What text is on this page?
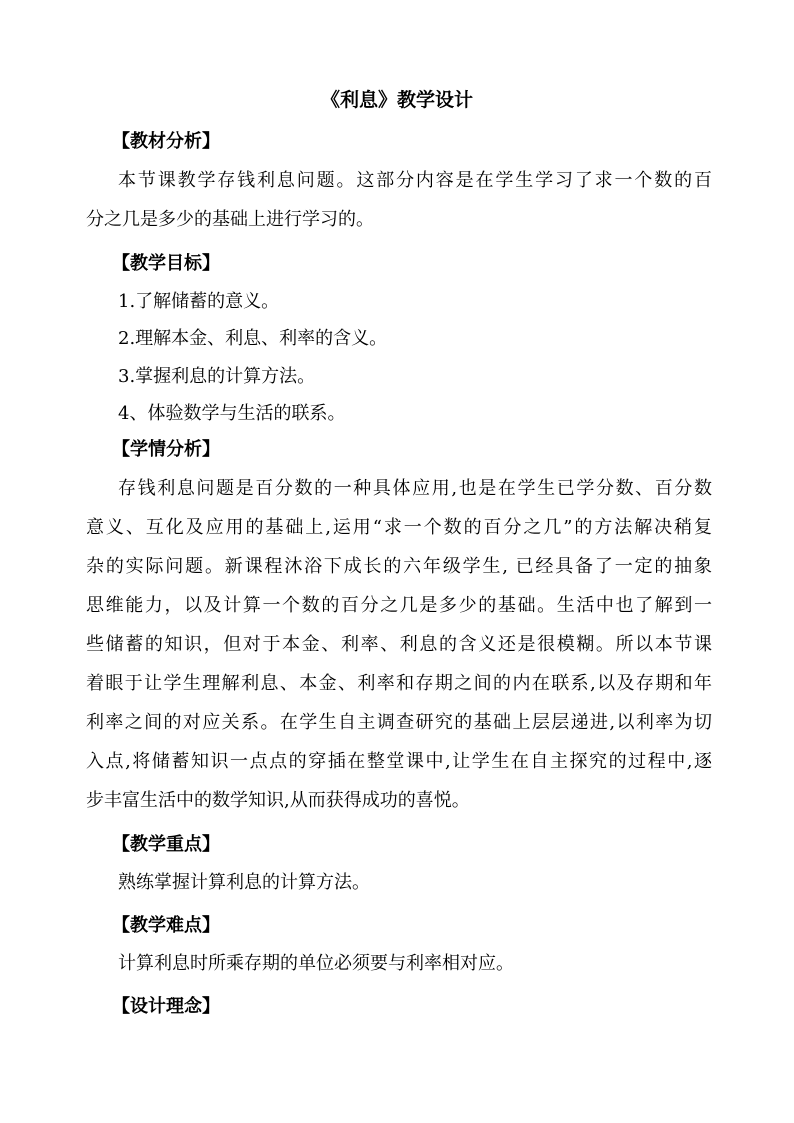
《利息》教学设计
【教材分析】
本节课教学存钱利息问题。这部分内容是在学生学习了求一个数的百
分之几是多少的基础上进行学习的。
【教学目标】
1.了解储蓄的意义。
2.理解本金、利息、利率的含义。
3.掌握利息的计算方法。
4、体验数学与生活的联系。
【学情分析】
存钱利息问题是百分数的一种具体应用,也是在学生已学分数、百分数
意义、互化及应用的基础上,运用“求一个数的百分之几”的方法解决稍复
杂的实际问题。新课程沐浴下成长的六年级学生, 已经具备了一定的抽象
思维能力，以及计算一个数的百分之几是多少的基础。生活中也了解到一
些储蓄的知识，但对于本金、利率、利息的含义还是很模糊。所以本节课
着眼于让学生理解利息、本金、利率和存期之间的内在联系,以及存期和年
利率之间的对应关系。在学生自主调查研究的基础上层层递进,以利率为切
入点,将储蓄知识一点点的穿插在整堂课中,让学生在自主探究的过程中,逐
步丰富生活中的数学知识,从而获得成功的喜悦。
【教学重点】
熟练掌握计算利息的计算方法。
【教学难点】
计算利息时所乘存期的单位必须要与利率相对应。
【设计理念】
